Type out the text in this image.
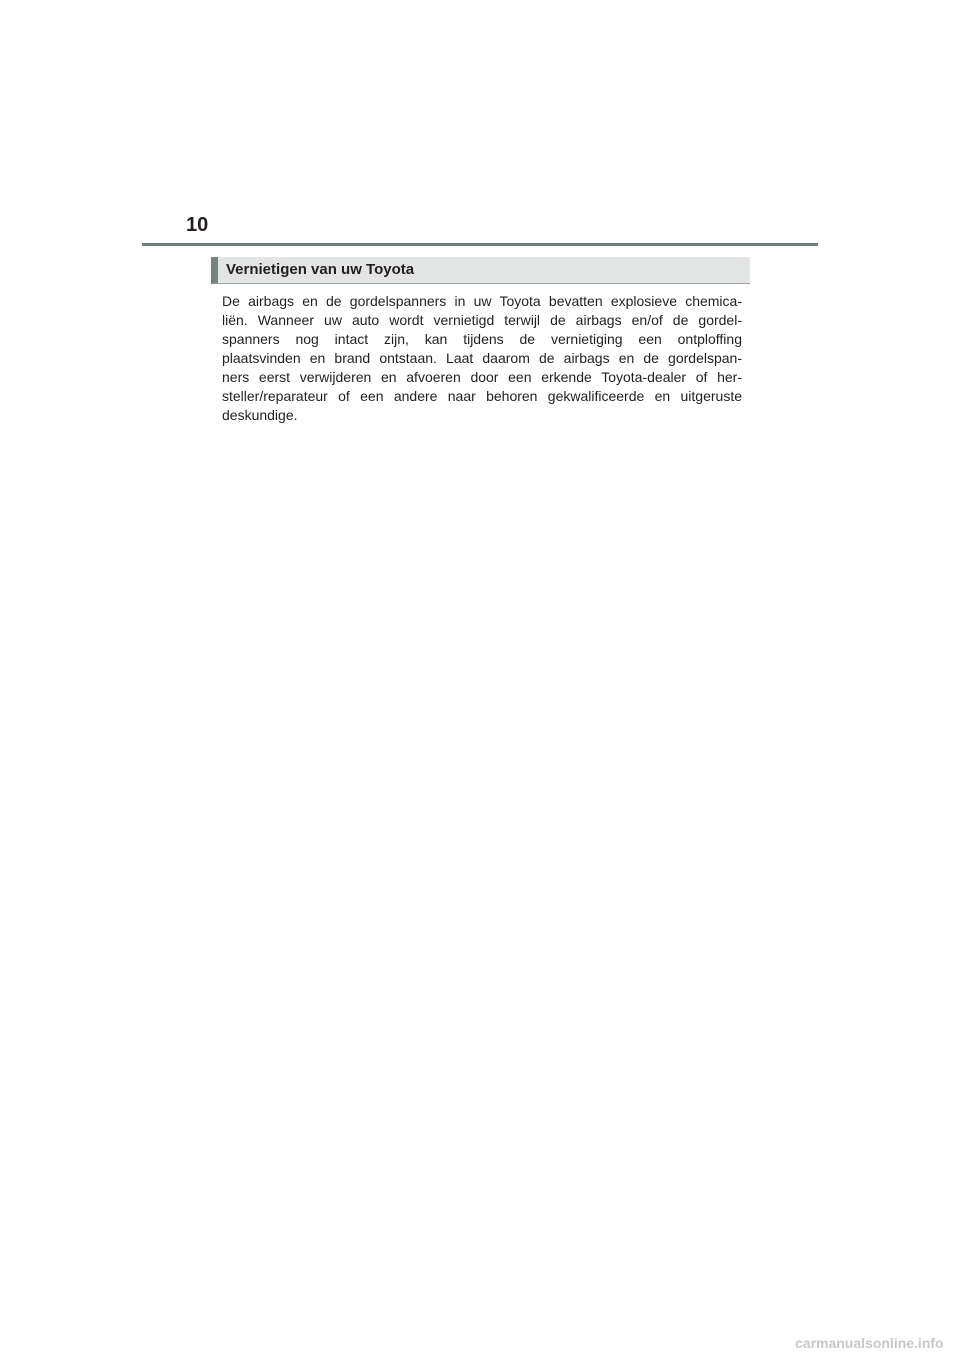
10
Vernietigen van uw Toyota
De airbags en de gordelspanners in uw Toyota bevatten explosieve chemica-
liën. Wanneer uw auto wordt vernietigd terwijl de airbags en/of de gordel-
spanners nog intact zijn, kan tijdens de vernietiging een ontploffing
plaatsvinden en brand ontstaan. Laat daarom de airbags en de gordelspan-
ners eerst verwijderen en afvoeren door een erkende Toyota-dealer of her-
steller/reparateur of een andere naar behoren gekwalificeerde en uitgeruste
deskundige.
carmanualsonline.info
